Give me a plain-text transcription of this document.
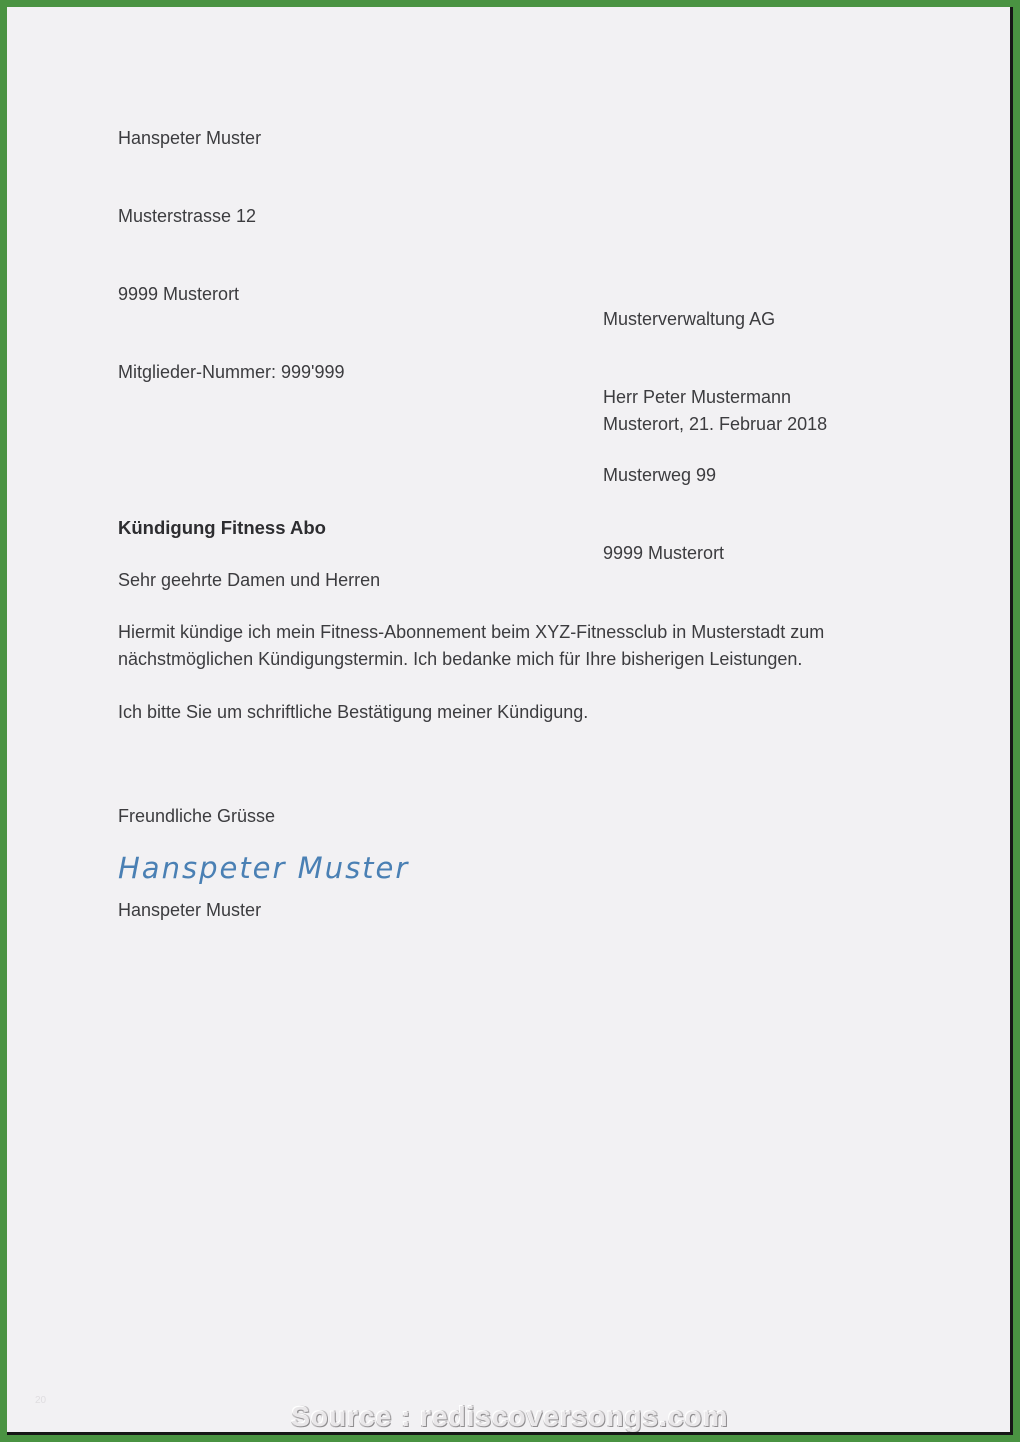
Hanspeter Muster

Musterstrasse 12

9999 Musterort

Mitglieder-Nummer: 999'999

Musterverwaltung AG

Herr Peter Mustermann

Musterweg 99

9999 Musterort

Musterort, 21. Februar 2018
Kündigung Fitness Abo
Sehr geehrte Damen und Herren
Hiermit kündige ich mein Fitness-Abonnement beim XYZ-Fitnessclub in Musterstadt zum nächstmöglichen Kündigungstermin. Ich bedanke mich für Ihre bisherigen Leistungen.
Ich bitte Sie um schriftliche Bestätigung meiner Kündigung.
Freundliche Grüsse
Hanspeter Muster
Hanspeter Muster
20
Source : rediscoversongs.com
